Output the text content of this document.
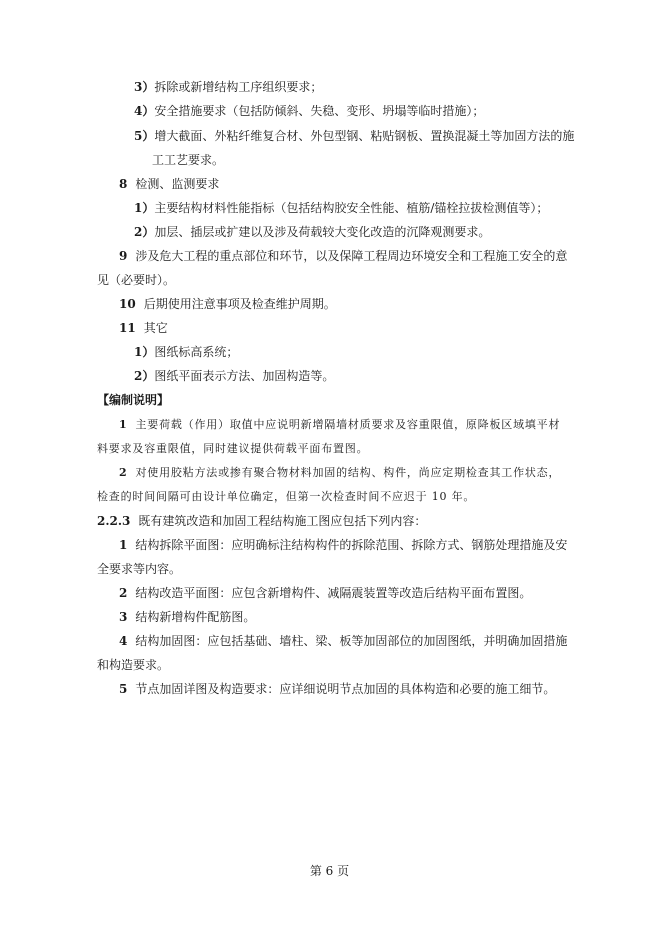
3）拆除或新增结构工序组织要求；
4）安全措施要求（包括防倾斜、失稳、变形、坍塌等临时措施）；
5）增大截面、外粘纤维复合材、外包型钢、粘贴钢板、置换混凝土等加固方法的施
工工艺要求。
8 检测、监测要求
1）主要结构材料性能指标（包括结构胶安全性能、植筋/锚栓拉拔检测值等）；
2）加层、插层或扩建以及涉及荷载较大变化改造的沉降观测要求。
9 涉及危大工程的重点部位和环节，以及保障工程周边环境安全和工程施工安全的意
见（必要时）。
10 后期使用注意事项及检查维护周期。
11 其它
1）图纸标高系统；
2）图纸平面表示方法、加固构造等。
【编制说明】
1 主要荷载（作用）取值中应说明新增隔墙材质要求及容重限值，原降板区域填平材
料要求及容重限值，同时建议提供荷载平面布置图。
2 对使用胶粘方法或掺有聚合物材料加固的结构、构件，尚应定期检查其工作状态，
检查的时间间隔可由设计单位确定，但第一次检查时间不应迟于 10 年。
2.2.3 既有建筑改造和加固工程结构施工图应包括下列内容：
1 结构拆除平面图：应明确标注结构构件的拆除范围、拆除方式、钢筋处理措施及安
全要求等内容。
2 结构改造平面图：应包含新增构件、减隔震装置等改造后结构平面布置图。
3 结构新增构件配筋图。
4 结构加固图：应包括基础、墙柱、梁、板等加固部位的加固图纸，并明确加固措施
和构造要求。
5 节点加固详图及构造要求：应详细说明节点加固的具体构造和必要的施工细节。
第 6 页
